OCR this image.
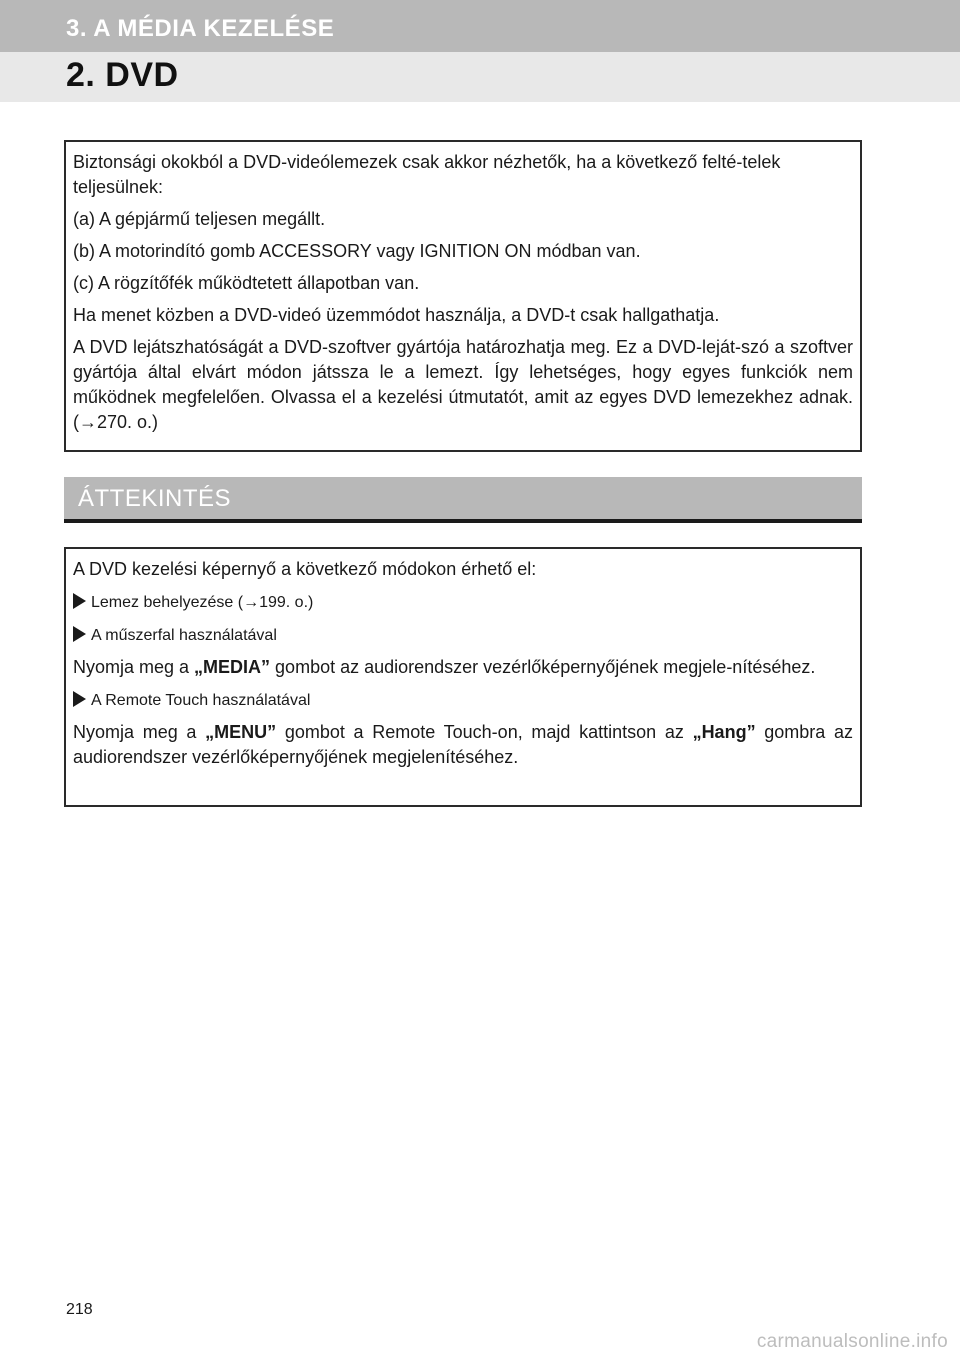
3. A MÉDIA KEZELÉSE
2. DVD

Biztonsági okokból a DVD-videólemezek csak akkor nézhetők, ha a következő felté-telek teljesülnek:

(a) A gépjármű teljesen megállt.

(b) A motorindító gomb ACCESSORY vagy IGNITION ON módban van.

(c) A rögzítőfék működtetett állapotban van.

Ha menet közben a DVD-videó üzemmódot használja, a DVD-t csak hallgathatja.

A DVD lejátszhatóságát a DVD-szoftver gyártója határozhatja meg. Ez a DVD-leját-szó a szoftver gyártója által elvárt módon játssza le a lemezt. Így lehetséges, hogy egyes funkciók nem működnek megfelelően. Olvassa el a kezelési útmutatót, amit az egyes DVD lemezekhez adnak. (→270. o.)

ÁTTEKINTÉS

A DVD kezelési képernyő a következő módokon érhető el:

Lemez behelyezése (→199. o.)

A műszerfal használatával

Nyomja meg a „MEDIA” gombot az audiorendszer vezérlőképernyőjének megjele-nítéséhez.

A Remote Touch használatával

Nyomja meg a „MENU” gombot a Remote Touch-on, majd kattintson az „Hang” gombra az audiorendszer vezérlőképernyőjének megjelenítéséhez.

218
carmanualsonline.info
